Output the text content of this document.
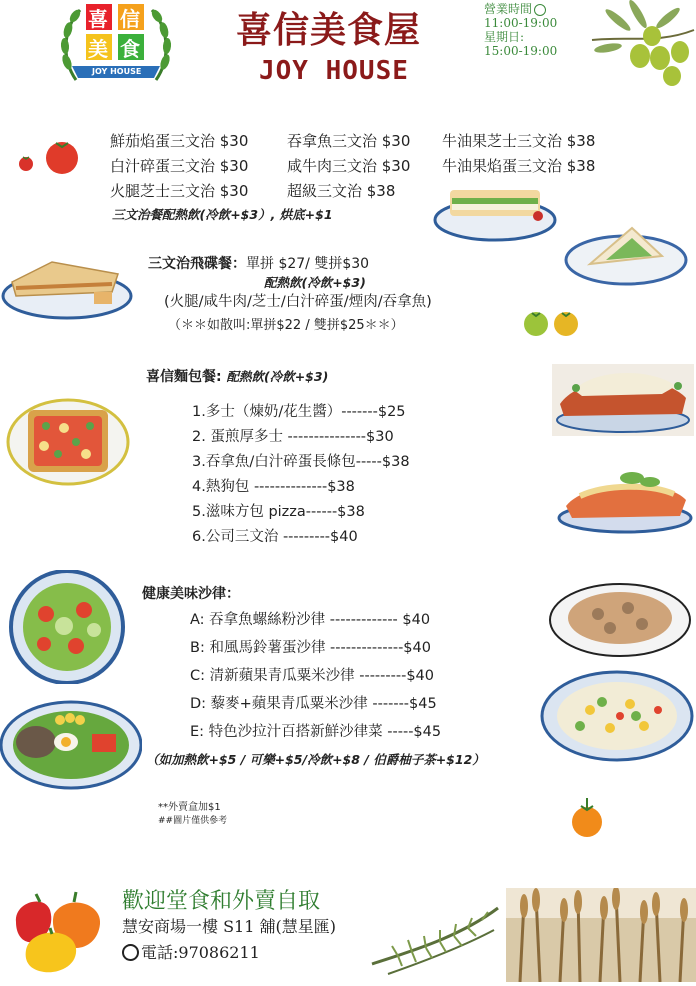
喜 信
美 食
JOY HOUSE
喜信美食屋
JOY HOUSE
營業時間
11:00-19:00
星期日:
15:00-19:00
鮮茄焰蛋三文治 $30	吞拿魚三文治 $30 牛油果芝士三文治 $38
白汁碎蛋三文治 $30	咸牛肉三文治 $30 牛油果焰蛋三文治 $38
火腿芝士三文治 $30	超級三文治 $38
三文治餐配熱飲(冷飲+$3）, 烘底+$1
三文治飛碟餐：單拼 $27/ 雙拼$30
配熱飲(冷飲+$3)
(火腿/咸牛肉/芝士/白汁碎蛋/煙肉/吞拿魚)
（＊＊如散叫:單拼$22 / 雙拼$25＊＊）
喜信麵包餐: 配熱飲(冷飲+$3)
1.多士（煉奶/花生醬）-------$25
2. 蛋煎厚多士 ---------------$30
3.吞拿魚/白汁碎蛋長條包-----$38
4.熱狗包 --------------$38
5.滋味方包 pizza------$38
6.公司三文治 ---------$40
健康美味沙律：
A: 吞拿魚螺絲粉沙律 ------------- $40
B: 和風馬鈴薯蛋沙律 --------------$40
C: 清新蘋果青瓜粟米沙律 ---------$40
D: 藜麥+蘋果青瓜粟米沙律 -------$45
E: 特色沙拉汁百搭新鮮沙律菜 -----$45
（如加熱飲+$5 / 可樂+$5/冷飲+$8 / 伯爵柚子茶+$12）
**外賣盒加$1
##圖片僅供參考
歡迎堂食和外賣自取
慧安商場一樓 S11 舖(慧星匯)
電話:97086211
